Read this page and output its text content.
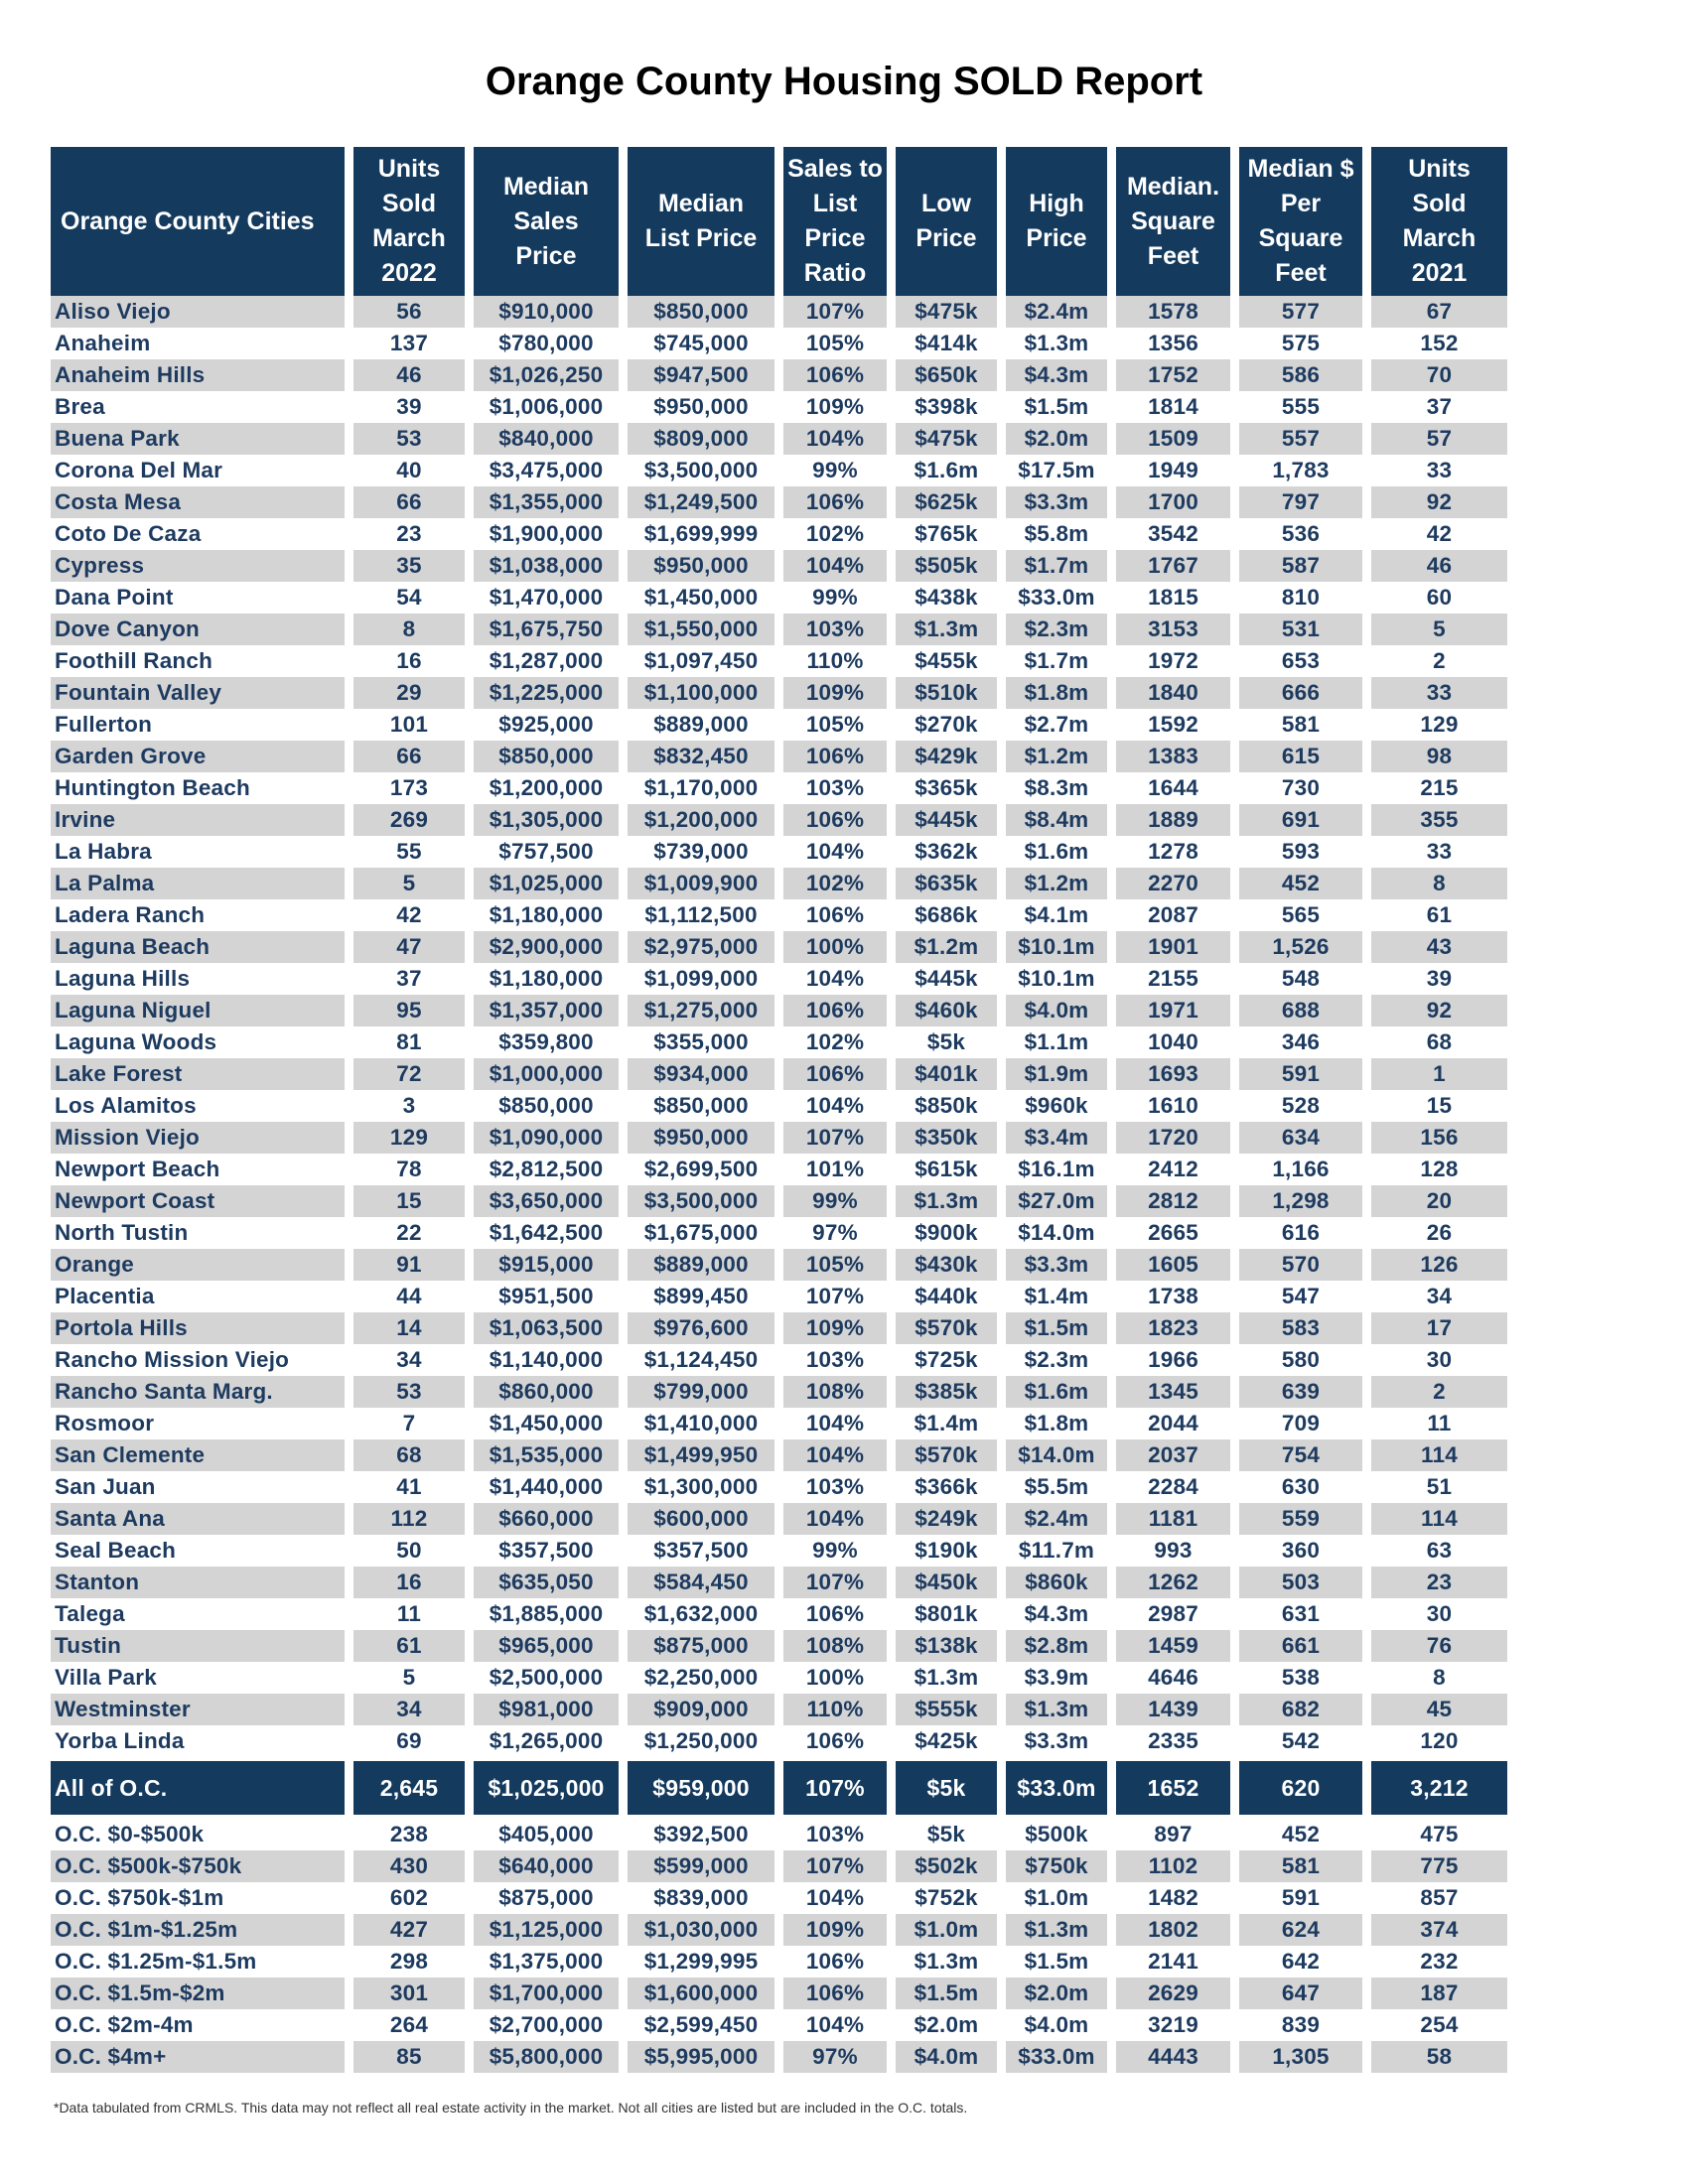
Orange County Housing SOLD Report
Orange County Cities	Units
Sold
March
2022	Median
Sales
Price	Median
List Price	Sales to
List
Price
Ratio	Low
Price	High
Price	Median.
Square
Feet	Median $
Per
Square
Feet	Units
Sold
March
2021
Aliso Viejo	56	$910,000	$850,000	107%	$475k	$2.4m	1578	577	67
Anaheim	137	$780,000	$745,000	105%	$414k	$1.3m	1356	575	152
Anaheim Hills	46	$1,026,250	$947,500	106%	$650k	$4.3m	1752	586	70
Brea	39	$1,006,000	$950,000	109%	$398k	$1.5m	1814	555	37
Buena Park	53	$840,000	$809,000	104%	$475k	$2.0m	1509	557	57
Corona Del Mar	40	$3,475,000	$3,500,000	99%	$1.6m	$17.5m	1949	1,783	33
Costa Mesa	66	$1,355,000	$1,249,500	106%	$625k	$3.3m	1700	797	92
Coto De Caza	23	$1,900,000	$1,699,999	102%	$765k	$5.8m	3542	536	42
Cypress	35	$1,038,000	$950,000	104%	$505k	$1.7m	1767	587	46
Dana Point	54	$1,470,000	$1,450,000	99%	$438k	$33.0m	1815	810	60
Dove Canyon	8	$1,675,750	$1,550,000	103%	$1.3m	$2.3m	3153	531	5
Foothill Ranch	16	$1,287,000	$1,097,450	110%	$455k	$1.7m	1972	653	2
Fountain Valley	29	$1,225,000	$1,100,000	109%	$510k	$1.8m	1840	666	33
Fullerton	101	$925,000	$889,000	105%	$270k	$2.7m	1592	581	129
Garden Grove	66	$850,000	$832,450	106%	$429k	$1.2m	1383	615	98
Huntington Beach	173	$1,200,000	$1,170,000	103%	$365k	$8.3m	1644	730	215
Irvine	269	$1,305,000	$1,200,000	106%	$445k	$8.4m	1889	691	355
La Habra	55	$757,500	$739,000	104%	$362k	$1.6m	1278	593	33
La Palma	5	$1,025,000	$1,009,900	102%	$635k	$1.2m	2270	452	8
Ladera Ranch	42	$1,180,000	$1,112,500	106%	$686k	$4.1m	2087	565	61
Laguna Beach	47	$2,900,000	$2,975,000	100%	$1.2m	$10.1m	1901	1,526	43
Laguna Hills	37	$1,180,000	$1,099,000	104%	$445k	$10.1m	2155	548	39
Laguna Niguel	95	$1,357,000	$1,275,000	106%	$460k	$4.0m	1971	688	92
Laguna Woods	81	$359,800	$355,000	102%	$5k	$1.1m	1040	346	68
Lake Forest	72	$1,000,000	$934,000	106%	$401k	$1.9m	1693	591	1
Los Alamitos	3	$850,000	$850,000	104%	$850k	$960k	1610	528	15
Mission Viejo	129	$1,090,000	$950,000	107%	$350k	$3.4m	1720	634	156
Newport Beach	78	$2,812,500	$2,699,500	101%	$615k	$16.1m	2412	1,166	128
Newport Coast	15	$3,650,000	$3,500,000	99%	$1.3m	$27.0m	2812	1,298	20
North Tustin	22	$1,642,500	$1,675,000	97%	$900k	$14.0m	2665	616	26
Orange	91	$915,000	$889,000	105%	$430k	$3.3m	1605	570	126
Placentia	44	$951,500	$899,450	107%	$440k	$1.4m	1738	547	34
Portola Hills	14	$1,063,500	$976,600	109%	$570k	$1.5m	1823	583	17
Rancho Mission Viejo	34	$1,140,000	$1,124,450	103%	$725k	$2.3m	1966	580	30
Rancho Santa Marg.	53	$860,000	$799,000	108%	$385k	$1.6m	1345	639	2
Rosmoor	7	$1,450,000	$1,410,000	104%	$1.4m	$1.8m	2044	709	11
San Clemente	68	$1,535,000	$1,499,950	104%	$570k	$14.0m	2037	754	114
San Juan	41	$1,440,000	$1,300,000	103%	$366k	$5.5m	2284	630	51
Santa Ana	112	$660,000	$600,000	104%	$249k	$2.4m	1181	559	114
Seal Beach	50	$357,500	$357,500	99%	$190k	$11.7m	993	360	63
Stanton	16	$635,050	$584,450	107%	$450k	$860k	1262	503	23
Talega	11	$1,885,000	$1,632,000	106%	$801k	$4.3m	2987	631	30
Tustin	61	$965,000	$875,000	108%	$138k	$2.8m	1459	661	76
Villa Park	5	$2,500,000	$2,250,000	100%	$1.3m	$3.9m	4646	538	8
Westminster	34	$981,000	$909,000	110%	$555k	$1.3m	1439	682	45
Yorba Linda	69	$1,265,000	$1,250,000	106%	$425k	$3.3m	2335	542	120

All of O.C.	2,645	$1,025,000	$959,000	107%	$5k	$33.0m	1652	620	3,212

O.C. $0-$500k	238	$405,000	$392,500	103%	$5k	$500k	897	452	475
O.C. $500k-$750k	430	$640,000	$599,000	107%	$502k	$750k	1102	581	775
O.C. $750k-$1m	602	$875,000	$839,000	104%	$752k	$1.0m	1482	591	857
O.C. $1m-$1.25m	427	$1,125,000	$1,030,000	109%	$1.0m	$1.3m	1802	624	374
O.C. $1.25m-$1.5m	298	$1,375,000	$1,299,995	106%	$1.3m	$1.5m	2141	642	232
O.C. $1.5m-$2m	301	$1,700,000	$1,600,000	106%	$1.5m	$2.0m	2629	647	187
O.C. $2m-4m	264	$2,700,000	$2,599,450	104%	$2.0m	$4.0m	3219	839	254
O.C. $4m+	85	$5,800,000	$5,995,000	97%	$4.0m	$33.0m	4443	1,305	58
*Data tabulated from CRMLS. This data may not reflect all real estate activity in the market. Not all cities are listed but are included in the O.C. totals.
